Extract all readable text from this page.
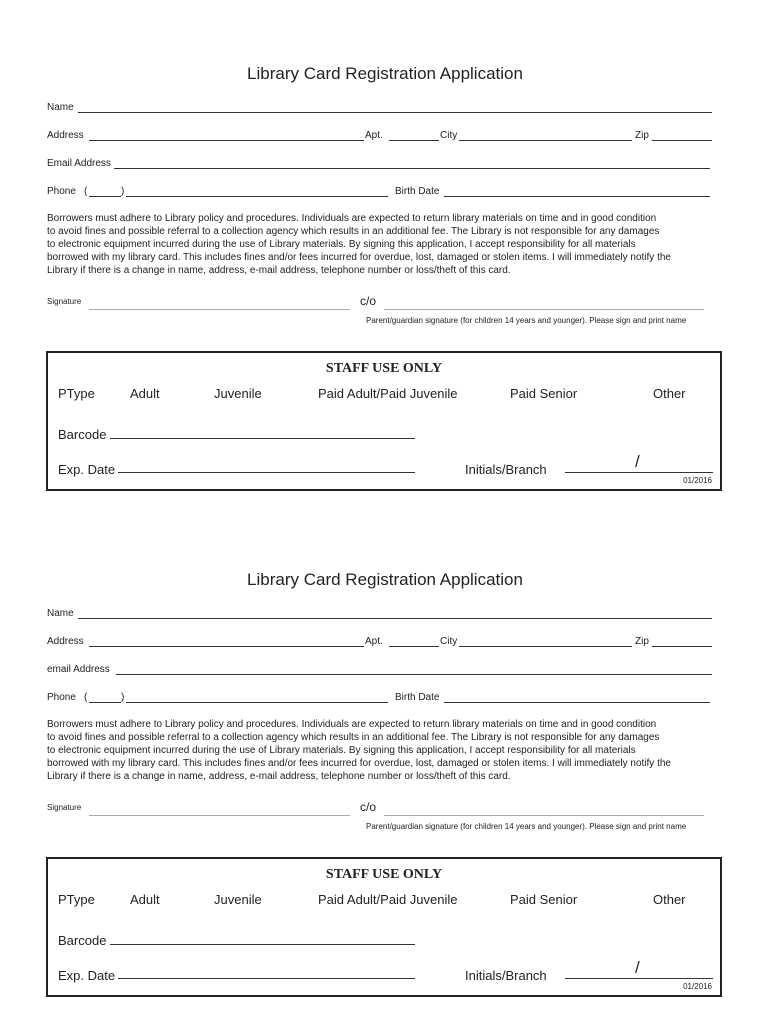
Library Card Registration Application
Name
Address	Apt.	City	Zip
Email Address
Phone (	)	Birth Date

Borrowers must adhere to Library policy and procedures. Individuals are expected to return library materials on time and in good condition

to avoid fines and possible referral to a collection agency which results in an additional fee. The Library is not responsible for any damages

to electronic equipment incurred during the use of Library materials. By signing this application, I accept responsibility for all materials

borrowed with my library card. This includes fines and/or fees incurred for overdue, lost, damaged or stolen items. I will immediately notify the

Library if there is a change in name, address, e-mail address, telephone number or loss/theft of this card.

Signature	c/o
Parent/guardian signature (for children 14 years and younger). Please sign and print name
STAFF USE ONLY
PType	Adult	Juvenile	Paid Adult/Paid Juvenile	Paid Senior	Other
Barcode
Exp. Date	Initials/Branch	/
01/2016
Library Card Registration Application
Name
Address	Apt.	City	Zip
email Address
Phone (	)	Birth Date

Borrowers must adhere to Library policy and procedures. Individuals are expected to return library materials on time and in good condition

to avoid fines and possible referral to a collection agency which results in an additional fee. The Library is not responsible for any damages

to electronic equipment incurred during the use of Library materials. By signing this application, I accept responsibility for all materials

borrowed with my library card. This includes fines and/or fees incurred for overdue, lost, damaged or stolen items. I will immediately notify the

Library if there is a change in name, address, e-mail address, telephone number or loss/theft of this card.

Signature	c/o
Parent/guardian signature (for children 14 years and younger). Please sign and print name
STAFF USE ONLY
PType	Adult	Juvenile	Paid Adult/Paid Juvenile	Paid Senior	Other
Barcode
Exp. Date	Initials/Branch	/
01/2016
